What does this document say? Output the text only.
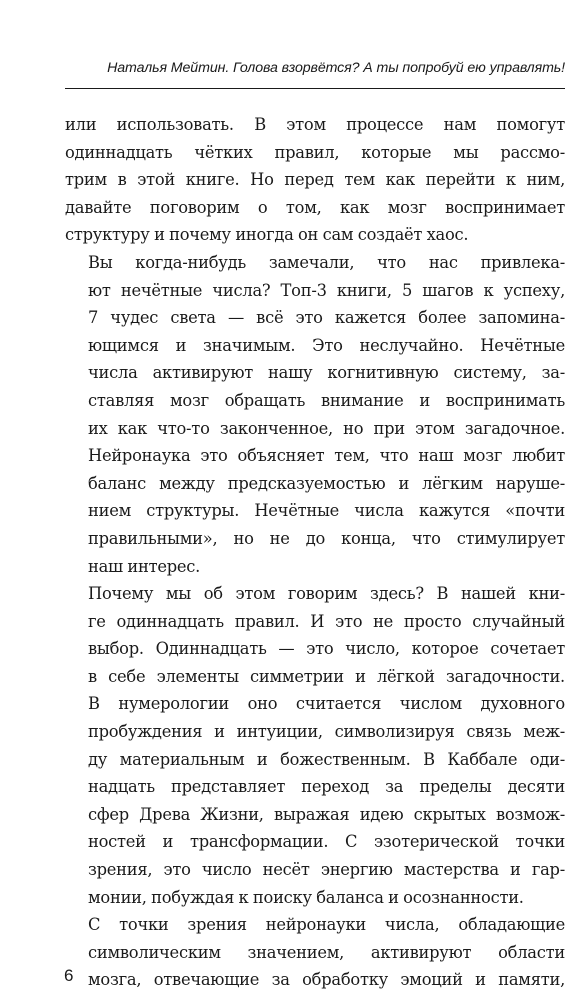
Наталья Мейтин. Голова взорвётся? А ты попробуй ею управлять!

или использовать. В этом процессе нам помогут
одиннадцать чётких правил, которые мы рассмо-
трим в этой книге. Но перед тем как перейти к ним,
давайте поговорим о том, как мозг воспринимает
структуру и почему иногда он сам создаёт хаос.

Вы когда-нибудь замечали, что нас привлека-
ют нечётные числа? Топ-3 книги, 5 шагов к успеху,
7 чудес света — всё это кажется более запомина-
ющимся и значимым. Это неслучайно. Нечётные
числа активируют нашу когнитивную систему, за-
ставляя мозг обращать внимание и воспринимать
их как что-то законченное, но при этом загадочное.
Нейронаука это объясняет тем, что наш мозг любит
баланс между предсказуемостью и лёгким наруше-
нием структуры. Нечётные числа кажутся «почти
правильными», но не до конца, что стимулирует
наш интерес.

Почему мы об этом говорим здесь? В нашей кни-
ге одиннадцать правил. И это не просто случайный
выбор. Одиннадцать — это число, которое сочетает
в себе элементы симметрии и лёгкой загадочности.
В нумерологии оно считается числом духовного
пробуждения и интуиции, символизируя связь меж-
ду материальным и божественным. В Каббале оди-
надцать представляет переход за пределы десяти
сфер Древа Жизни, выражая идею скрытых возмож-
ностей и трансформации. С эзотерической точки
зрения, это число несёт энергию мастерства и гар-
монии, побуждая к поиску баланса и осознанности.

С точки зрения нейронауки числа, обладающие
символическим значением, активируют области
мозга, отвечающие за обработку эмоций и памяти,

6
